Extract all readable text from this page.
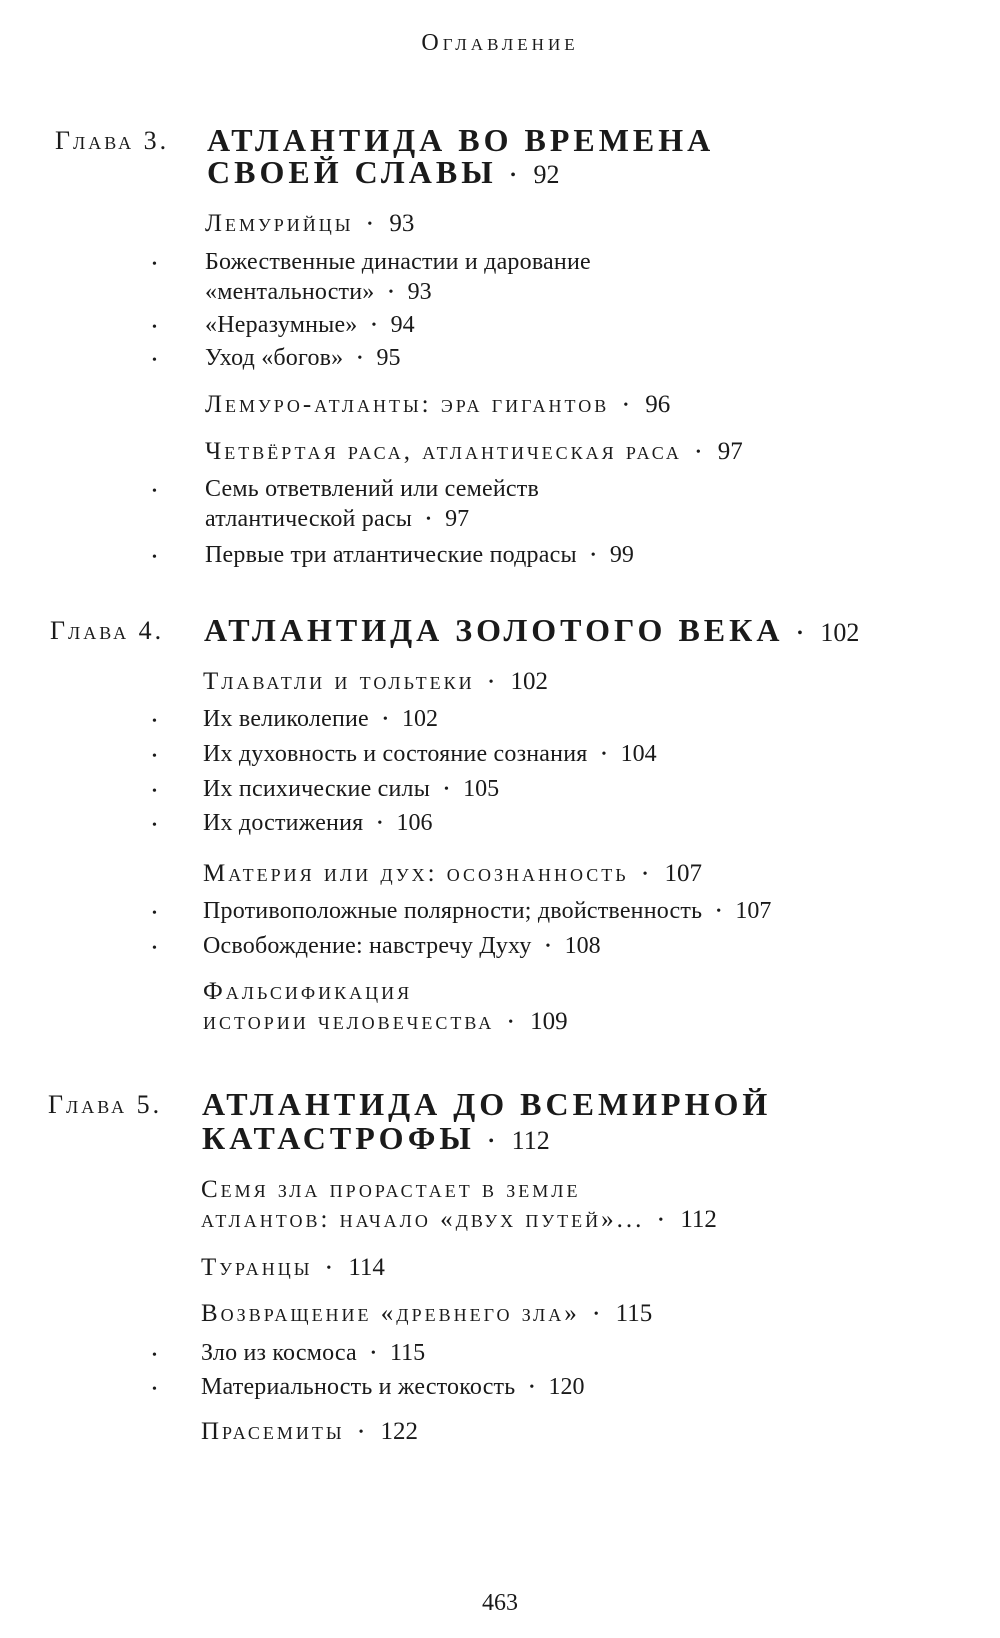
Оглавление
Глава 3. АТЛАНТИДА ВО ВРЕМЕНА
СВОЕЙ СЛАВЫ • 92
Лемурийцы • 93
• Божественные династии и дарование
«ментальности» • 93
• «Неразумные» • 94
• Уход «богов» • 95
Лемуро-атланты: эра гигантов • 96
Четвёртая раса, атлантическая раса • 97
• Семь ответвлений или семейств
атлантической расы • 97
• Первые три атлантические подрасы • 99
Глава 4. АТЛАНТИДА ЗОЛОТОГО ВЕКА • 102
Тлаватли и тольтеки • 102
• Их великолепие • 102
• Их духовность и состояние сознания • 104
• Их психические силы • 105
• Их достижения • 106
Материя или дух: осознанность • 107
• Противоположные полярности; двойственность • 107
• Освобождение: навстречу Духу • 108
Фальсификация
истории человечества • 109
Глава 5. АТЛАНТИДА ДО ВСЕМИРНОЙ
КАТАСТРОФЫ • 112
Семя зла прорастает в земле
атлантов: начало «двух путей»... • 112
Туранцы • 114
Возвращение «древнего зла» • 115
• Зло из космоса • 115
• Материальность и жестокость • 120
Прасемиты • 122
463
